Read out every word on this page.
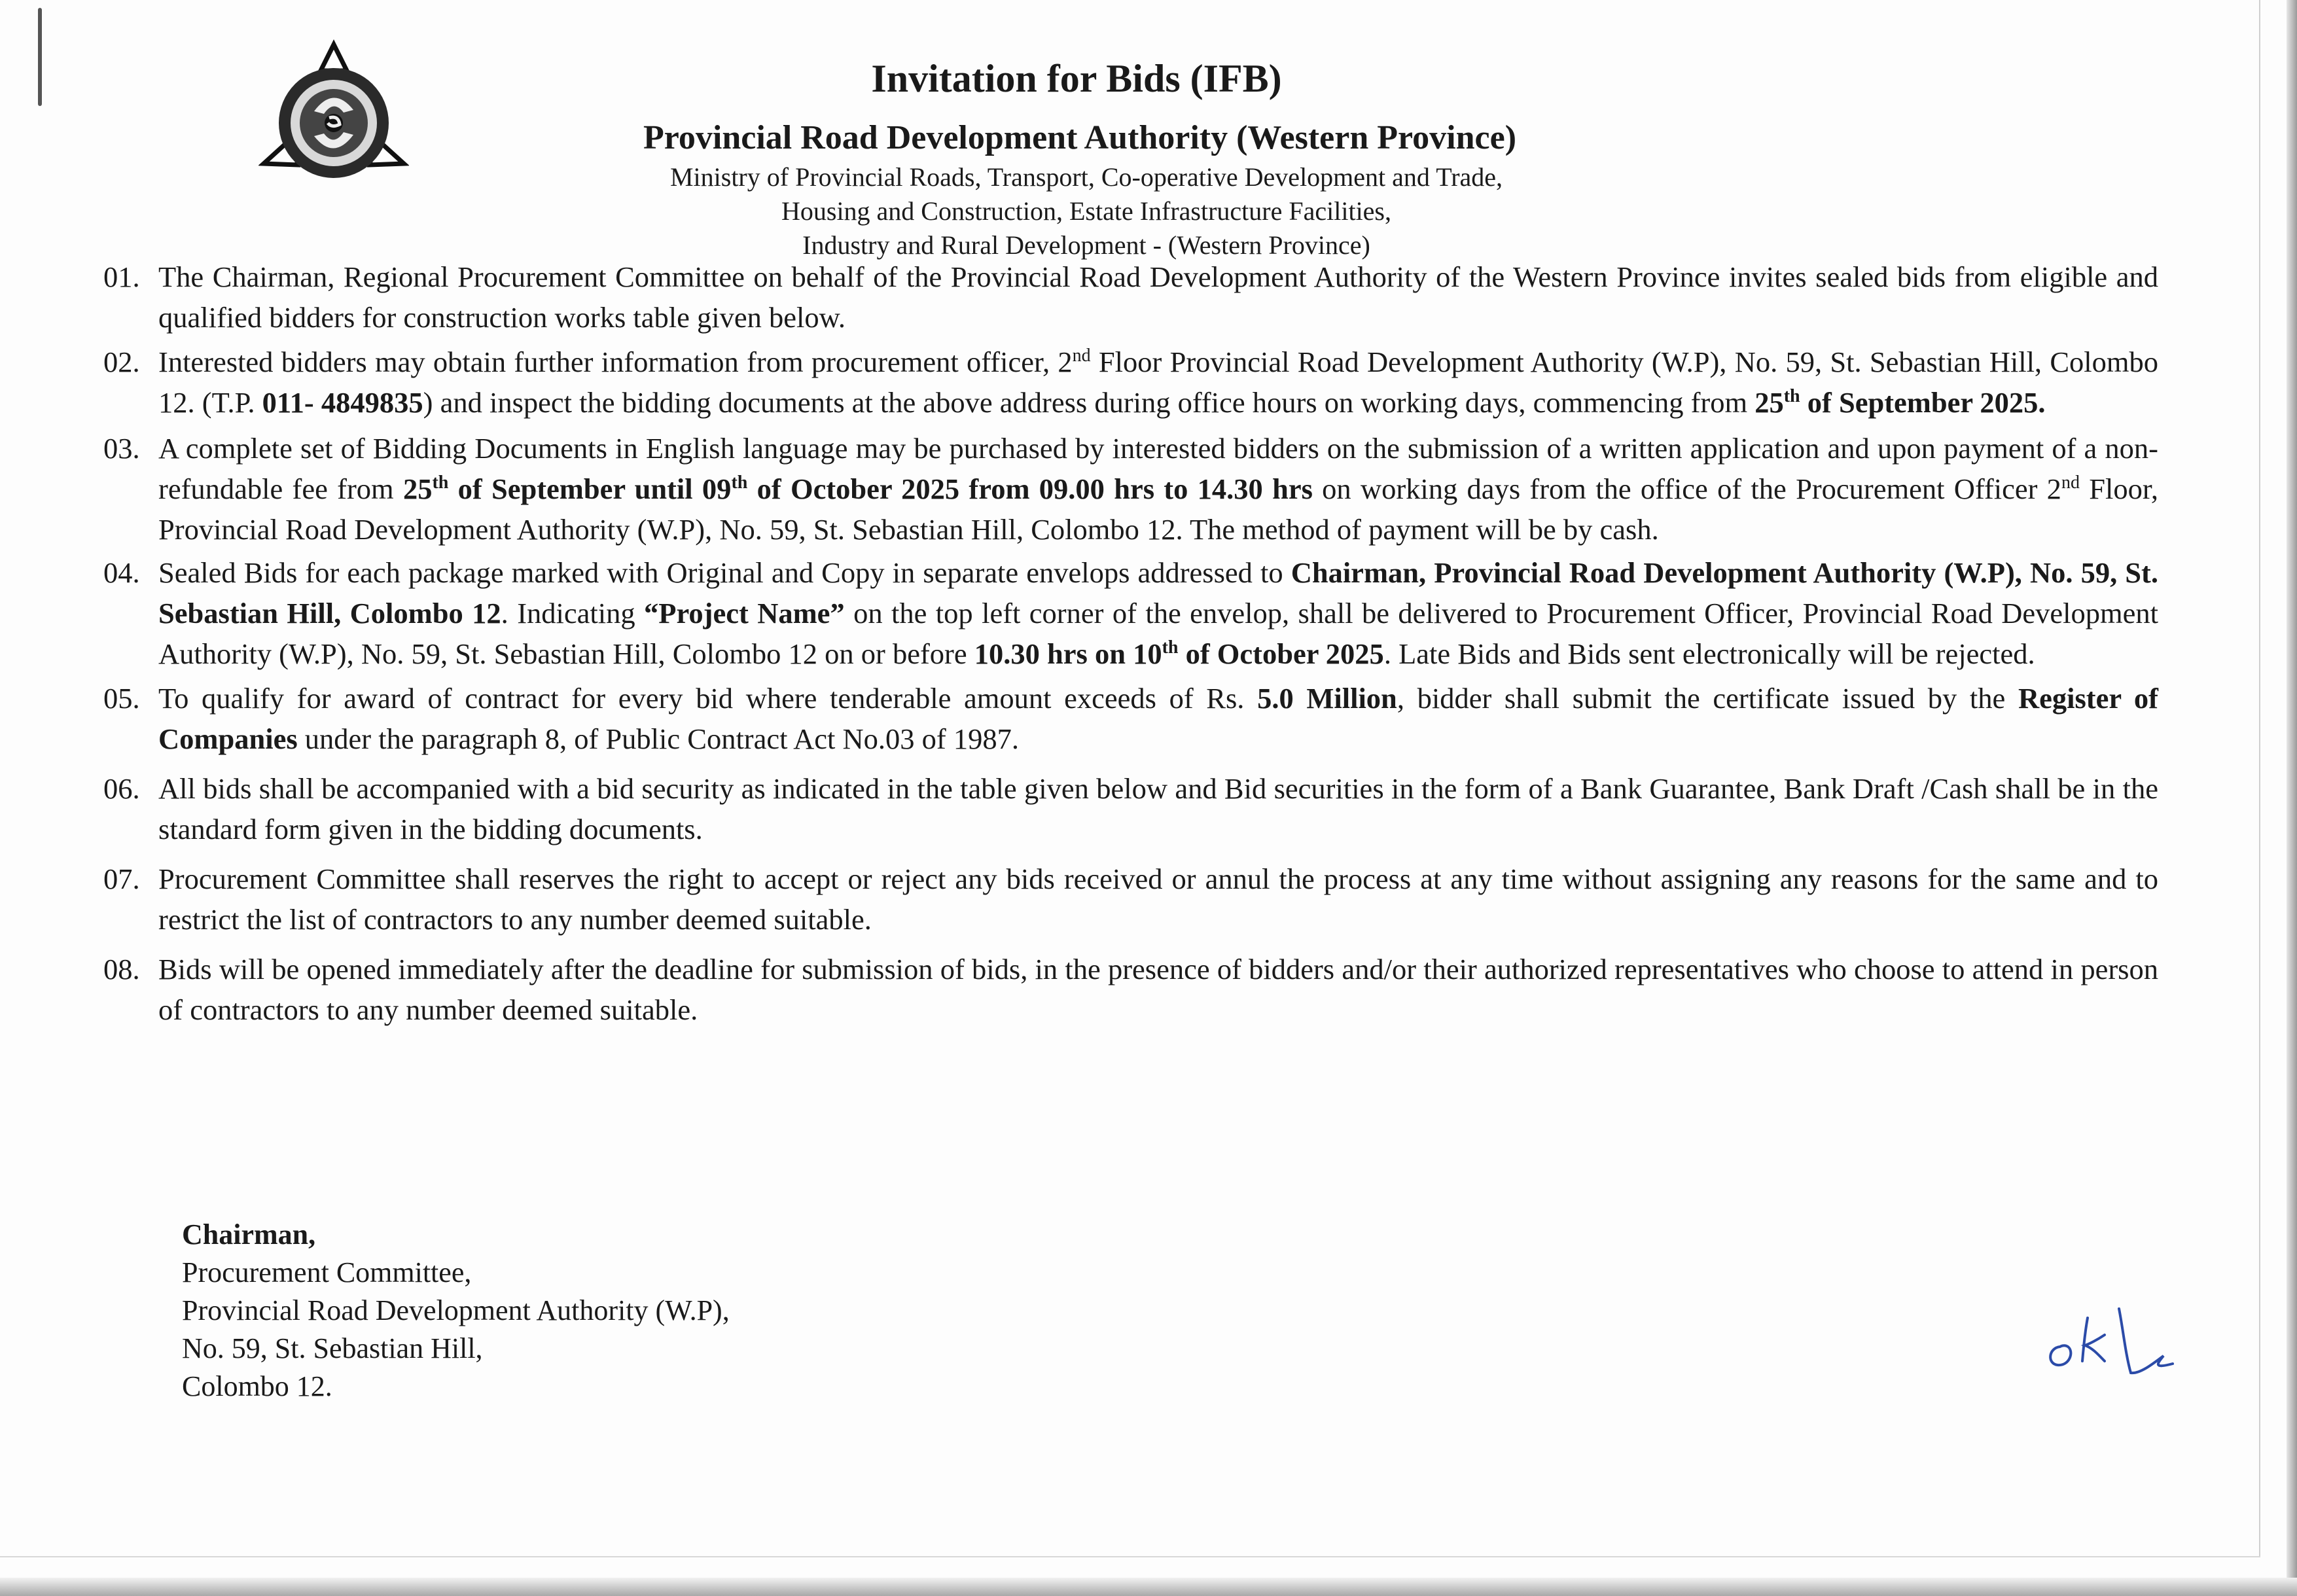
Invitation for Bids (IFB)
Provincial Road Development Authority (Western Province)
Ministry of Provincial Roads, Transport, Co-operative Development and Trade,
Housing and Construction, Estate Infrastructure Facilities,
Industry and Rural Development - (Western Province)
01. The Chairman, Regional Procurement Committee on behalf of the Provincial Road Development Authority of the Western Province invites sealed bids from eligible and qualified bidders for construction works table given below.
02. Interested bidders may obtain further information from procurement officer, 2nd Floor Provincial Road Development Authority (W.P), No. 59, St. Sebastian Hill, Colombo 12. (T.P. 011- 4849835) and inspect the bidding documents at the above address during office hours on working days, commencing from 25th of September 2025.
03. A complete set of Bidding Documents in English language may be purchased by interested bidders on the submission of a written application and upon payment of a non-refundable fee from 25th of September until 09th of October 2025 from 09.00 hrs to 14.30 hrs on working days from the office of the Procurement Officer 2nd Floor, Provincial Road Development Authority (W.P), No. 59, St. Sebastian Hill, Colombo 12. The method of payment will be by cash.
04. Sealed Bids for each package marked with Original and Copy in separate envelops addressed to Chairman, Provincial Road Development Authority (W.P), No. 59, St. Sebastian Hill, Colombo 12. Indicating “Project Name” on the top left corner of the envelop, shall be delivered to Procurement Officer, Provincial Road Development Authority (W.P), No. 59, St. Sebastian Hill, Colombo 12 on or before 10.30 hrs on 10th of October 2025. Late Bids and Bids sent electronically will be rejected.
05. To qualify for award of contract for every bid where tenderable amount exceeds of Rs. 5.0 Million, bidder shall submit the certificate issued by the Register of Companies under the paragraph 8, of Public Contract Act No.03 of 1987.
06. All bids shall be accompanied with a bid security as indicated in the table given below and Bid securities in the form of a Bank Guarantee, Bank Draft /Cash shall be in the standard form given in the bidding documents.
07. Procurement Committee shall reserves the right to accept or reject any bids received or annul the process at any time without assigning any reasons for the same and to restrict the list of contractors to any number deemed suitable.
08. Bids will be opened immediately after the deadline for submission of bids, in the presence of bidders and/or their authorized representatives who choose to attend in person of contractors to any number deemed suitable.
Chairman,
Procurement Committee,
Provincial Road Development Authority (W.P),
No. 59, St. Sebastian Hill,
Colombo 12.
